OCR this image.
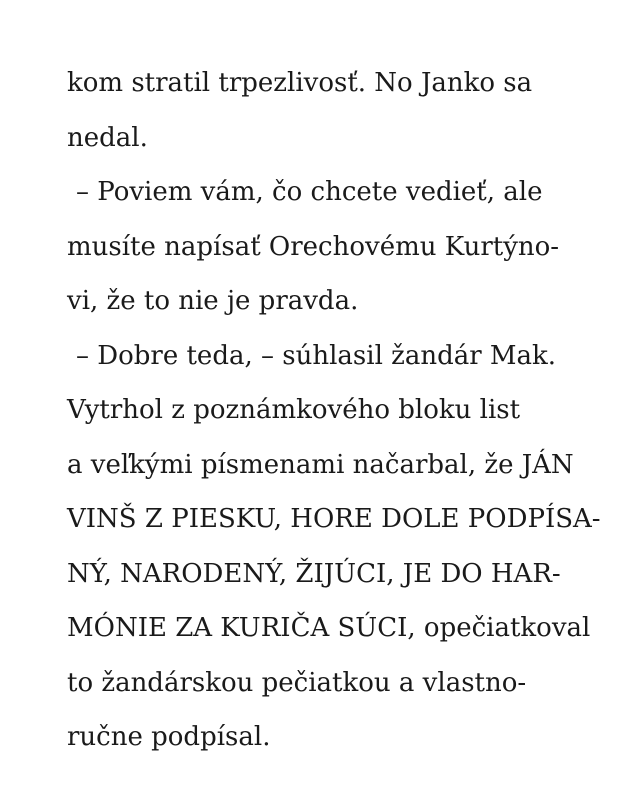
kom stratil trpezlivosť. No Janko sa
nedal.
– Poviem vám, čo chcete vedieť, ale
musíte napísať Orechovému Kurtýno-
vi, že to nie je pravda.
– Dobre teda, – súhlasil žandár Mak.
Vytrhol z poznámkového bloku list
a veľkými písmenami načarbal, že JÁN
VINŠ Z PIESKU, HORE DOLE PODPÍSA-
NÝ, NARODENÝ, ŽIJÚCI, JE DO HAR-
MÓNIE ZA KURIČA SÚCI, opečiatkoval
to žandárskou pečiatkou a vlastno-
ručne podpísal.
